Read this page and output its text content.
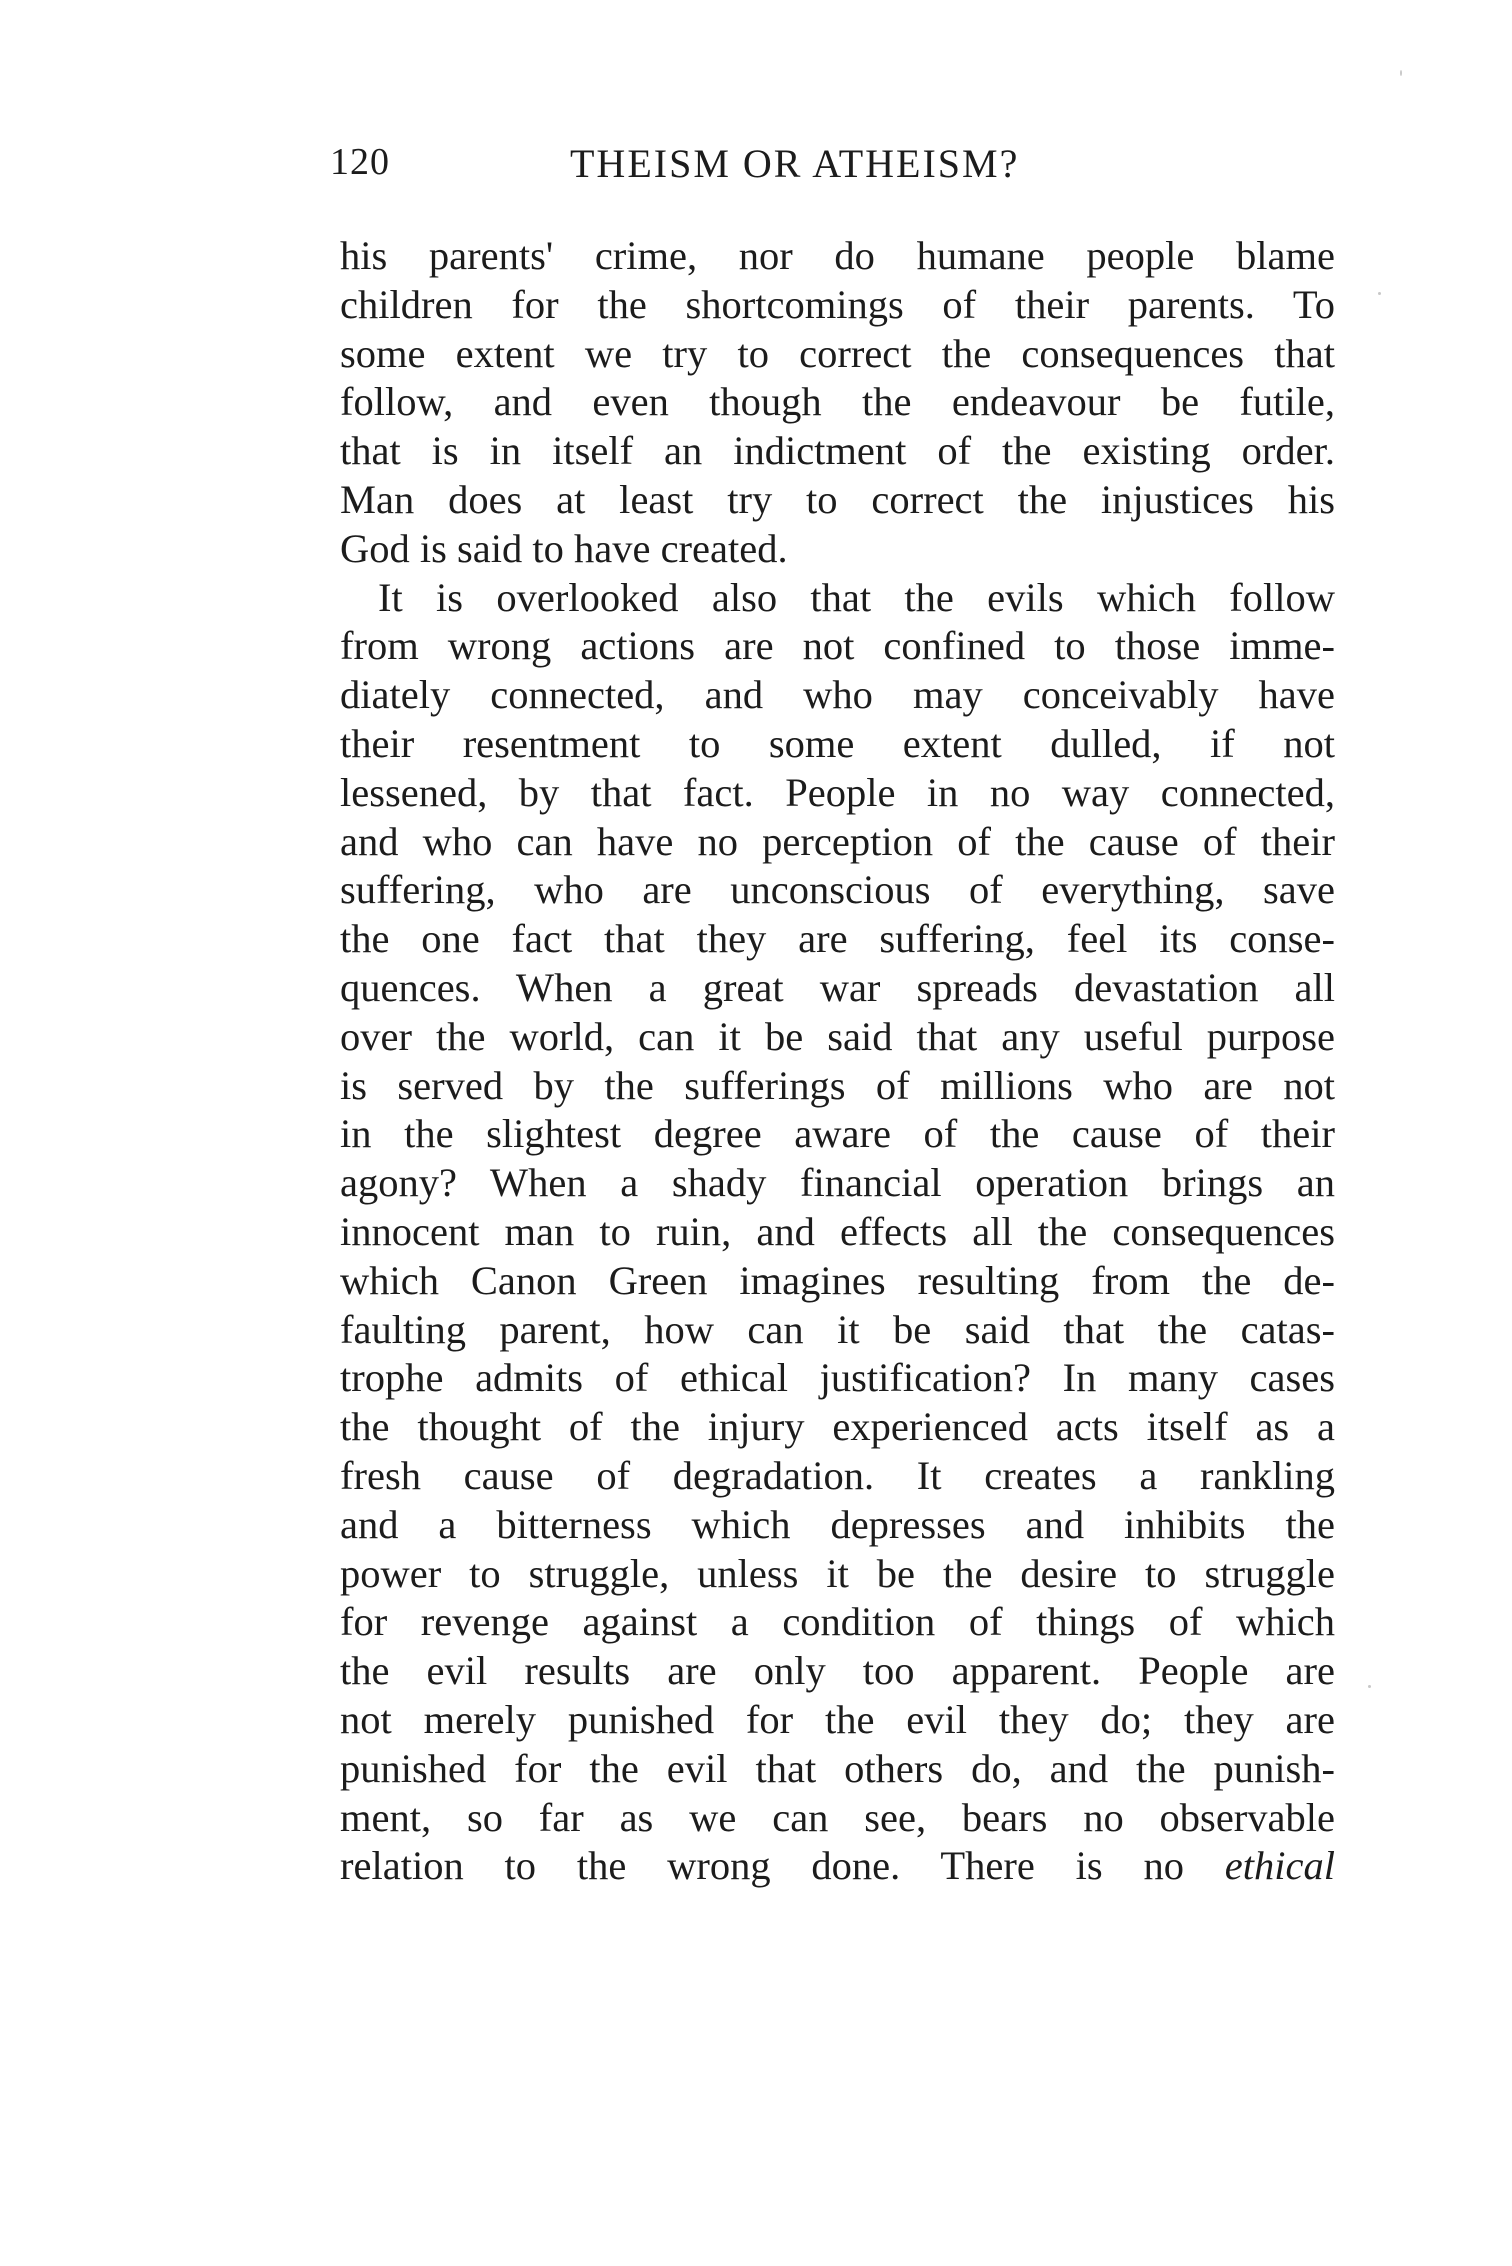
120	THEISM OR ATHEISM?
his parents' crime, nor do humane people blame
children for the shortcomings of their parents. To
some extent we try to correct the consequences that
follow, and even though the endeavour be futile,
that is in itself an indictment of the existing order.
Man does at least try to correct the injustices his
God is said to have created.
It is overlooked also that the evils which follow
from wrong actions are not confined to those imme-
diately connected, and who may conceivably have
their resentment to some extent dulled, if not
lessened, by that fact. People in no way connected,
and who can have no perception of the cause of their
suffering, who are unconscious of everything, save
the one fact that they are suffering, feel its conse-
quences. When a great war spreads devastation all
over the world, can it be said that any useful purpose
is served by the sufferings of millions who are not
in the slightest degree aware of the cause of their
agony? When a shady financial operation brings an
innocent man to ruin, and effects all the consequences
which Canon Green imagines resulting from the de-
faulting parent, how can it be said that the catas-
trophe admits of ethical justification? In many cases
the thought of the injury experienced acts itself as a
fresh cause of degradation. It creates a rankling
and a bitterness which depresses and inhibits the
power to struggle, unless it be the desire to struggle
for revenge against a condition of things of which
the evil results are only too apparent. People are
not merely punished for the evil they do; they are
punished for the evil that others do, and the punish-
ment, so far as we can see, bears no observable
relation to the wrong done. There is no ethical
